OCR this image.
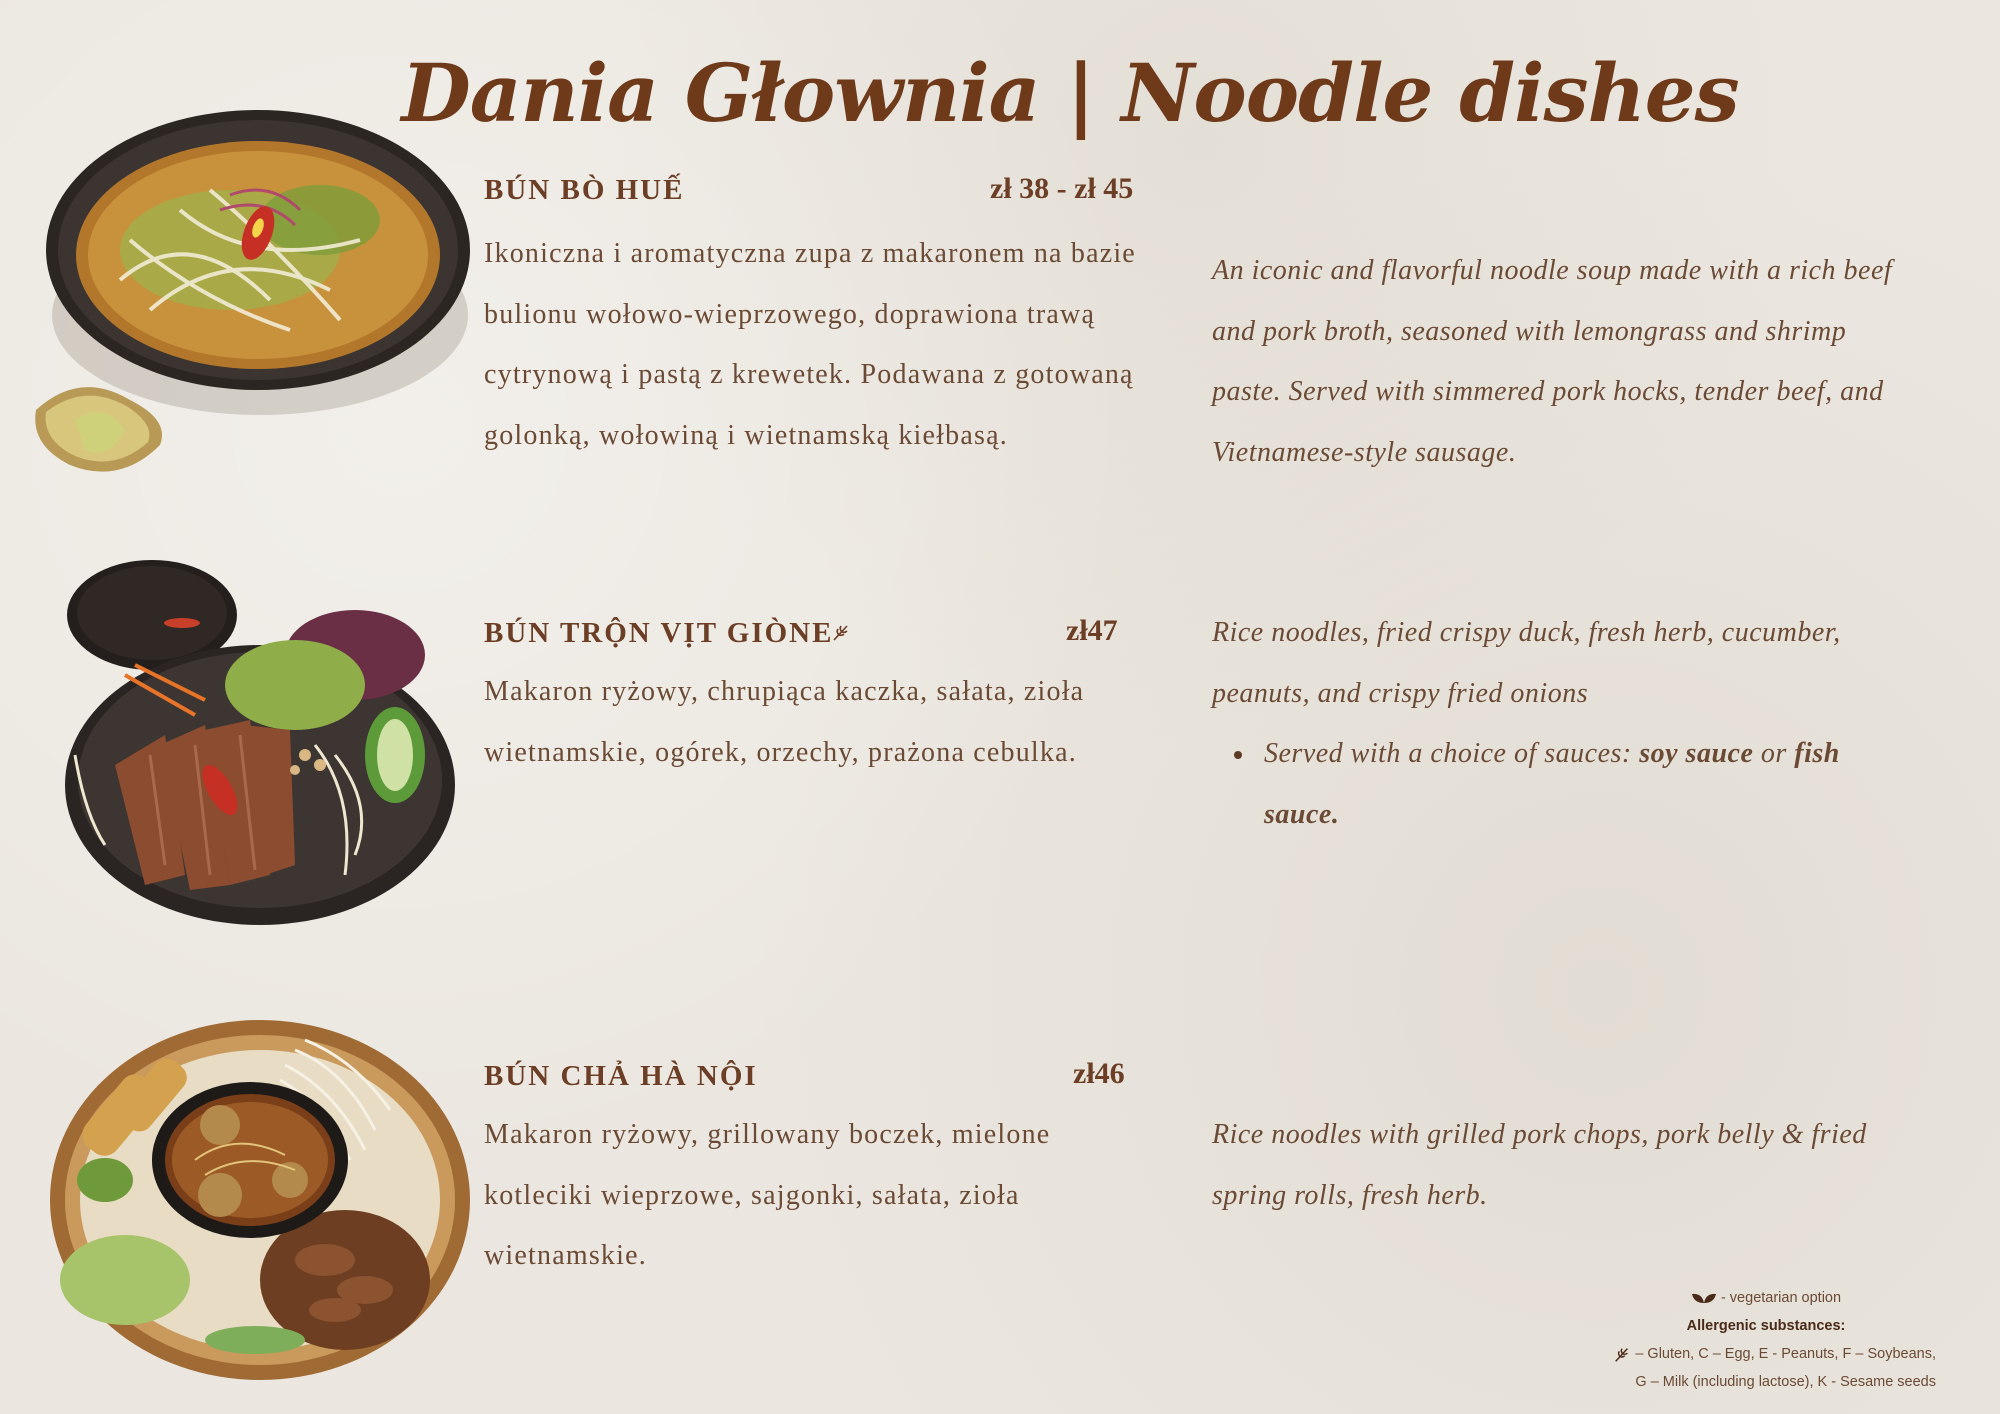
Dania Głownia | Noodle dishes
BÚN BÒ HUẾ	zł 38 - zł 45

Ikoniczna i aromatyczna zupa z makaronem na bazie bulionu wołowo-wieprzowego, doprawiona trawą cytrynową i pastą z krewetek. Podawana z gotowaną golonką, wołowiną i wietnamską kiełbasą.

An iconic and flavorful noodle soup made with a rich beef and pork broth, seasoned with lemongrass and shrimp paste. Served with simmered pork hocks, tender beef, and Vietnamese-style sausage.

BÚN TRỘN VỊT GIÒNE	zł47

Makaron ryżowy, chrupiąca kaczka, sałata, zioła wietnamskie, ogórek, orzechy, prażona cebulka.

Rice noodles, fried crispy duck, fresh herb, cucumber, peanuts, and crispy fried onions

Served with a choice of sauces: soy sauce or fish sauce.

BÚN CHẢ HÀ NỘI	zł46

Makaron ryżowy, grillowany boczek, mielone kotleciki wieprzowe, sajgonki, sałata, zioła wietnamskie.

Rice noodles with grilled pork chops, pork belly & fried spring rolls, fresh herb.

- vegetarian option
Allergenic substances:
– Gluten, C – Egg, E - Peanuts, F – Soybeans,
G – Milk (including lactose), K - Sesame seeds
